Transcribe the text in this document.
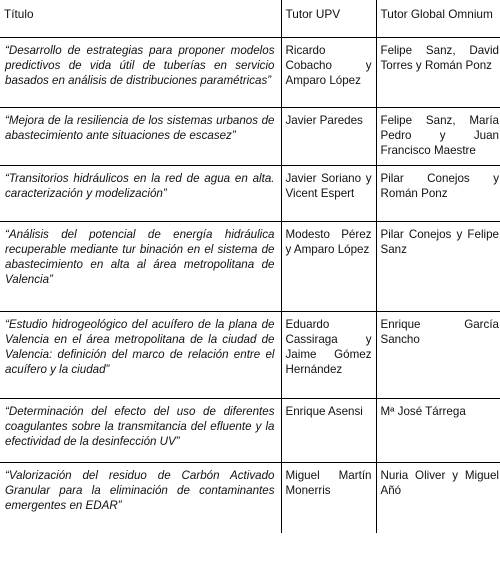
Título	Tutor UPV	Tutor Global Omnium
“Desarrollo de estrategias para proponer modelos predictivos de vida útil de tuberías en servicio basados en análisis de distribuciones paramétricas”	Ricardo Cobacho y Amparo López	Felipe Sanz, David Torres y Román Ponz
“Mejora de la resiliencia de los sistemas urbanos de abastecimiento ante situaciones de escasez”	Javier Paredes	Felipe Sanz, María Pedro y Juan Francisco Maestre
“Transitorios hidráulicos en la red de agua en alta. caracterización y modelización”	Javier Soriano y Vicent Espert	Pilar Conejos y Román Ponz
“Análisis del potencial de energía hidráulica recuperable mediante tur binación en el sistema de abastecimiento en alta al área metropolitana de Valencia”	Modesto Pérez y Amparo López	Pilar Conejos y Felipe Sanz
“Estudio hidrogeológico del acuífero de la plana de Valencia en el área metropolitana de la ciudad de Valencia: definición del marco de relación entre el acuífero y la ciudad”	Eduardo Cassiraga y Jaime Gómez Hernández	Enrique García Sancho
“Determinación del efecto del uso de diferentes coagulantes sobre la transmitancia del efluente y la efectividad de la desinfección UV”	Enrique Asensi	Mª José Tárrega
“Valorización del residuo de Carbón Activado Granular para la eliminación de contaminantes emergentes en EDAR”	Miguel Martín Monerris	Nuria Oliver y Miguel Añó
